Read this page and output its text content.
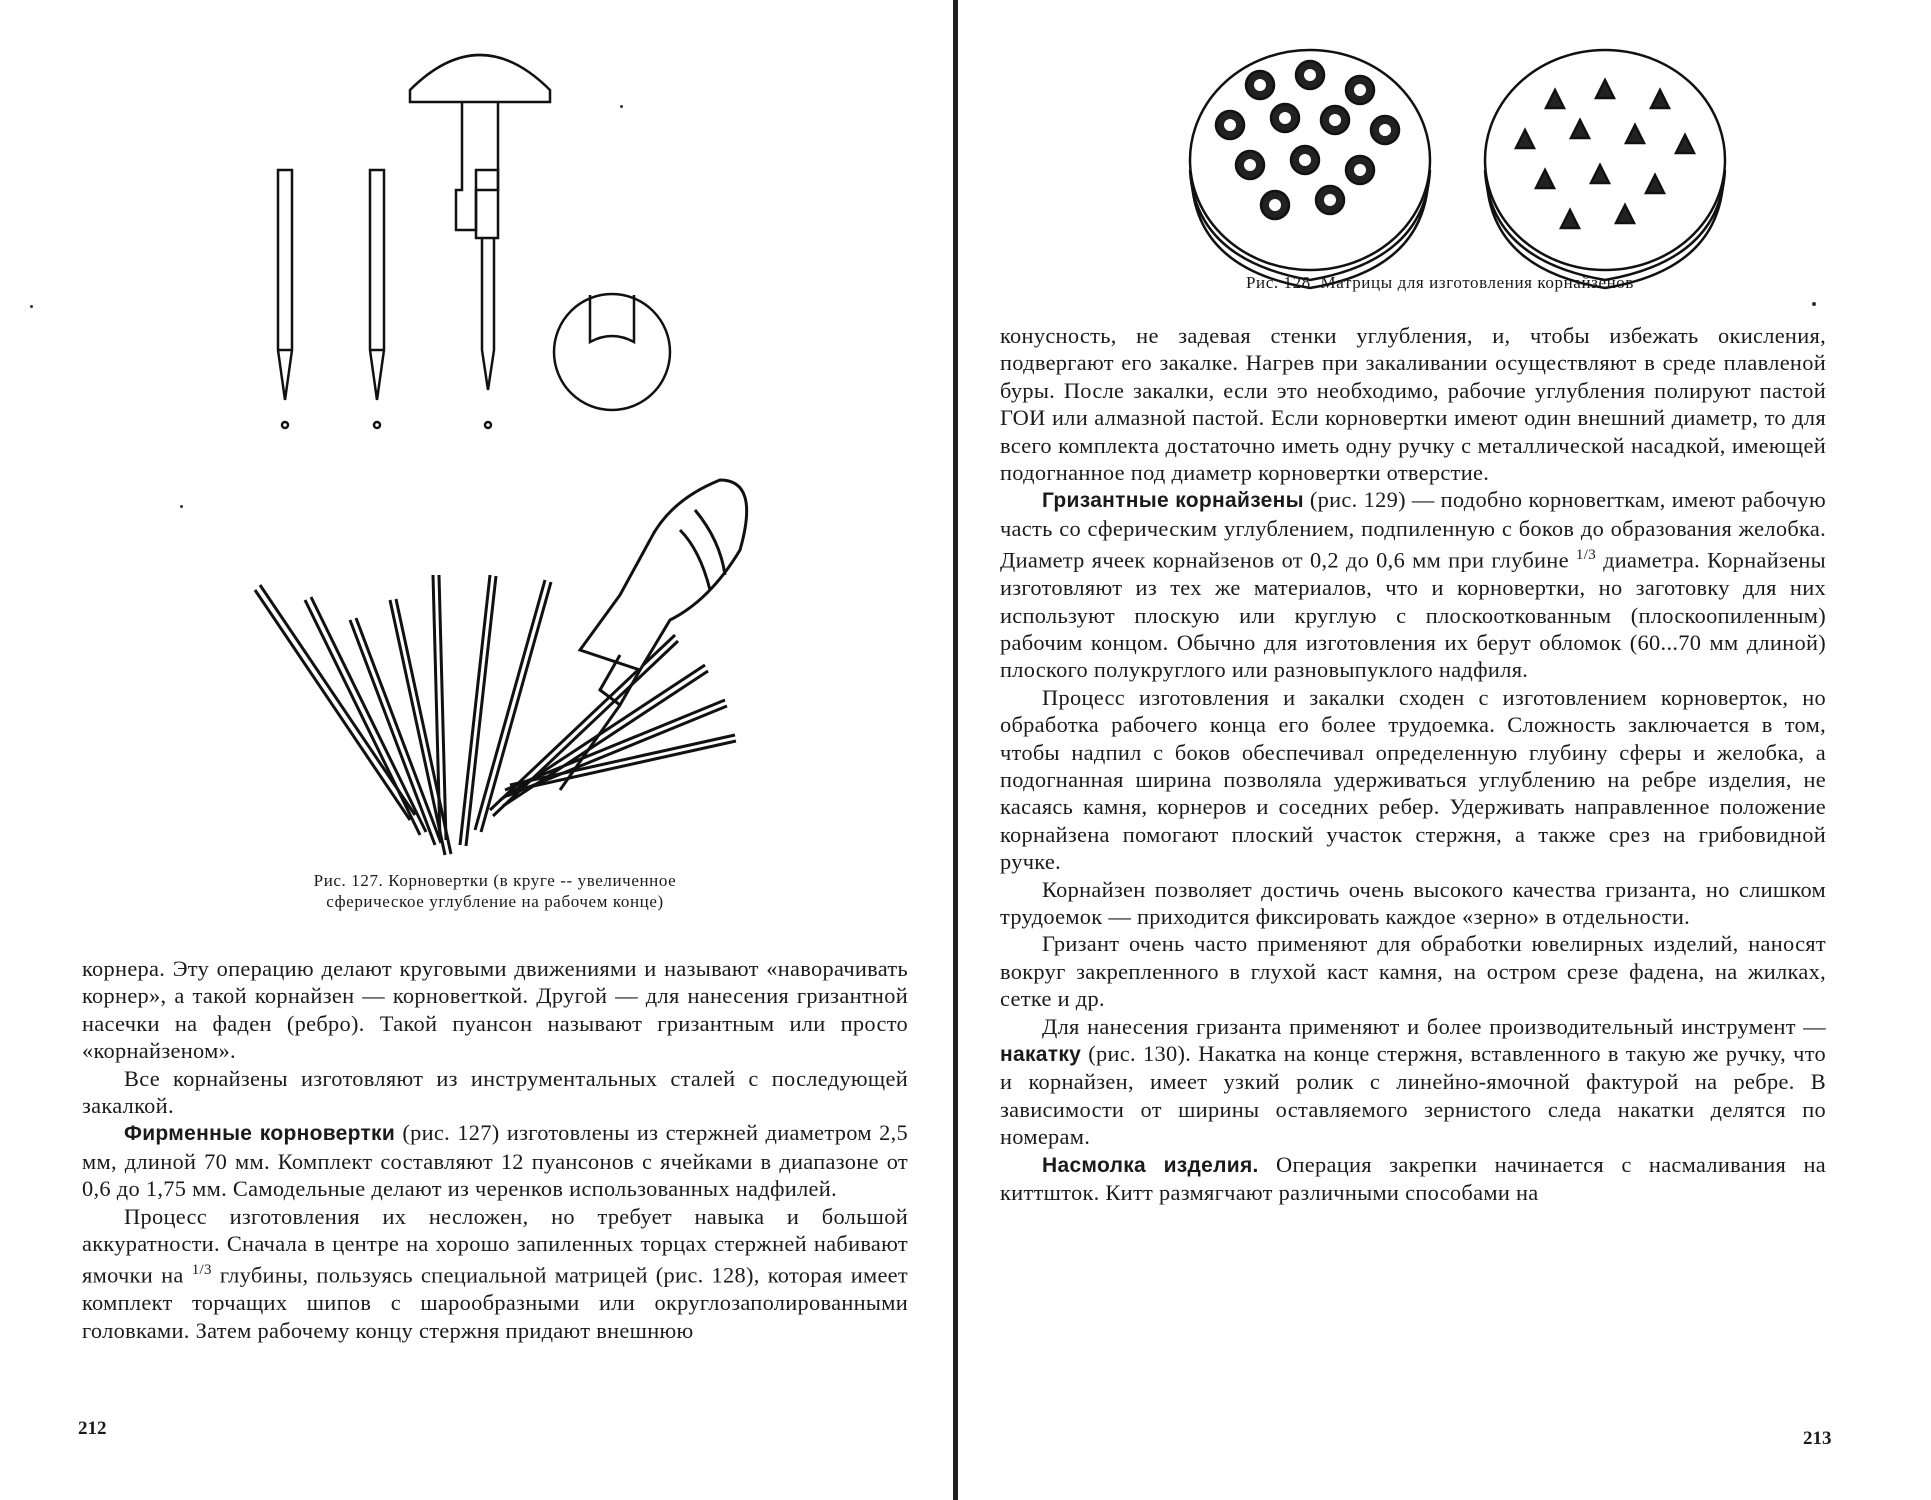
Рис. 127. Корновертки (в круге -- увеличенное
сферическое углубление на рабочем конце)

корнера. Эту операцию делают круговыми движениями и называют «наворачивать корнер», а такой корнайзен — корновerткой. Другой — для нанесения гризантной насечки на фаден (ребро). Такой пуансон называют гризантным или просто «корнайзеном».

Все корнайзены изготовляют из инструментальных сталей с последующей закалкой.

Фирменные корновертки (рис. 127) изготовлены из стержней диаметром 2,5 мм, длиной 70 мм. Комплект составляют 12 пуансонов с ячейками в диапазоне от 0,6 до 1,75 мм. Самодельные делают из черенков использованных надфилей.

Процесс изготовления их несложен, но требует навыка и большой аккуратности. Сначала в центре на хорошо запиленных торцах стержней набивают ямочки на $^{1/3}$ глубины, пользуясь специальной матрицей (рис. 128), которая имеет комплект торчащих шипов с шарообразными или округлозаполированными головками. Затем рабочему концу стержня придают внешнюю

212
Рис. 128. Матрицы для изготовления корнайзенов

конусность, не задевая стенки углубления, и, чтобы избежать окисления, подвергают его закалке. Нагрев при закаливании осуществляют в среде плавленой буры. После закалки, если это необходимо, рабочие углубления полируют пастой ГОИ или алмазной пастой. Если корновертки имеют один внешний диаметр, то для всего комплекта достаточно иметь одну ручку с металлической насадкой, имеющей подогнанное под диаметр корновертки отверстие.

Гризантные корнайзены (рис. 129) — подобно корновerткам, имеют рабочую часть со сферическим углублением, подпиленную с боков до образования желобка. Диаметр ячеек корнайзенов от 0,2 до 0,6 мм при глубине $^{1/3}$ диаметра. Корнайзены изготовляют из тех же материалов, что и корновертки, но заготовку для них используют плоскую или круглую с плоскооткованным (плоскоопиленным) рабочим концом. Обычно для изготовления их берут обломок (60...70 мм длиной) плоского полукруглого или разновыпуклого надфиля.

Процесс изготовления и закалки сходен с изготовлением корноверток, но обработка рабочего конца его более трудоемка. Сложность заключается в том, чтобы надпил с боков обеспечивал определенную глубину сферы и желобка, а подогнанная ширина позволяла удерживаться углублению на ребре изделия, не касаясь камня, корнеров и соседних ребер. Удерживать направленное положение корнайзена помогают плоский участок стержня, а также срез на грибовидной ручке.

Корнайзен позволяет достичь очень высокого качества гризанта, но слишком трудоемок — приходится фиксировать каждое «зерно» в отдельности.

Гризант очень часто применяют для обработки ювелирных изделий, наносят вокруг закрепленного в глухой каст камня, на остром срезе фадена, на жилках, сетке и др.

Для нанесения гризанта применяют и более производительный инструмент — накатку (рис. 130). Накатка на конце стержня, вставленного в такую же ручку, что и корнайзен, имеет узкий ролик с линейно-ямочной фактурой на ребре. В зависимости от ширины оставляемого зернистого следа накатки делятся по номерам.

Насмолка изделия. Операция закрепки начинается с насмаливания на киттшток. Китт размягчают различными способами на

213
